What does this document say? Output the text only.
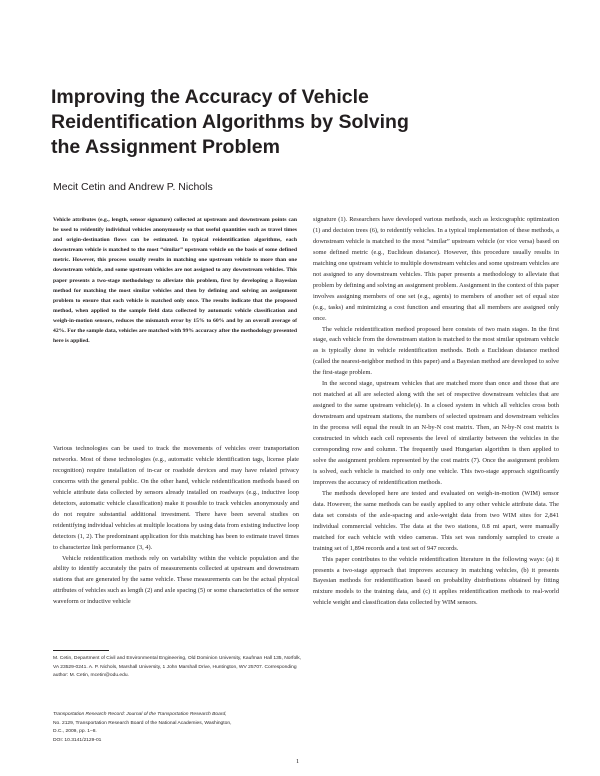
Improving the Accuracy of Vehicle
Reidentification Algorithms by Solving
the Assignment Problem
Mecit Cetin and Andrew P. Nichols

Vehicle attributes (e.g., length, sensor signature) collected at upstream and downstream points can be used to reidentify individual vehicles anonymously so that useful quantities such as travel times and origin-destination flows can be estimated. In typical reidentification algorithms, each downstream vehicle is matched to the most “similar” upstream vehicle on the basis of some defined metric. However, this process usually results in matching one upstream vehicle to more than one downstream vehicle, and some upstream vehicles are not assigned to any downstream vehicles. This paper presents a two-stage methodology to alleviate this problem, first by developing a Bayesian method for matching the most similar vehicles and then by defining and solving an assignment problem to ensure that each vehicle is matched only once. The results indicate that the proposed method, when applied to the sample field data collected by automatic vehicle classification and weigh-in-motion sensors, reduces the mismatch error by 15% to 60% and by an overall average of 42%. For the sample data, vehicles are matched with 99% accuracy after the methodology presented here is applied.

Various technologies can be used to track the movements of vehicles over transportation networks. Most of these technologies (e.g., automatic vehicle identification tags, license plate recognition) require installation of in-car or roadside devices and may have related privacy concerns with the general public. On the other hand, vehicle reidentification methods based on vehicle attribute data collected by sensors already installed on roadways (e.g., inductive loop detectors, automatic vehicle classification) make it possible to track vehicles anonymously and do not require substantial additional investment. There have been several studies on reidentifying individual vehicles at multiple locations by using data from existing inductive loop detectors (1, 2). The predominant application for this matching has been to estimate travel times to characterize link performance (3, 4).

Vehicle reidentification methods rely on variability within the vehicle population and the ability to identify accurately the pairs of measurements collected at upstream and downstream stations that are generated by the same vehicle. These measurements can be the actual physical attributes of vehicles such as length (2) and axle spacing (5) or some characteristics of the sensor waveform or inductive vehicle

signature (1). Researchers have developed various methods, such as lexicographic optimization (1) and decision trees (6), to reidentify vehicles. In a typical implementation of these methods, a downstream vehicle is matched to the most “similar” upstream vehicle (or vice versa) based on some defined metric (e.g., Euclidean distance). However, this procedure usually results in matching one upstream vehicle to multiple downstream vehicles and some upstream vehicles are not assigned to any downstream vehicles. This paper presents a methodology to alleviate that problem by defining and solving an assignment problem. Assignment in the context of this paper involves assigning members of one set (e.g., agents) to members of another set of equal size (e.g., tasks) and minimizing a cost function and ensuring that all members are assigned only once.

The vehicle reidentification method proposed here consists of two main stages. In the first stage, each vehicle from the downstream station is matched to the most similar upstream vehicle as is typically done in vehicle reidentification methods. Both a Euclidean distance method (called the nearest-neighbor method in this paper) and a Bayesian method are developed to solve the first-stage problem.

In the second stage, upstream vehicles that are matched more than once and those that are not matched at all are selected along with the set of respective downstream vehicles that are assigned to the same upstream vehicle(s). In a closed system in which all vehicles cross both downstream and upstream stations, the numbers of selected upstream and downstream vehicles in the process will equal the result in an N-by-N cost matrix. Then, an N-by-N cost matrix is constructed in which each cell represents the level of similarity between the vehicles in the corresponding row and column. The frequently used Hungarian algorithm is then applied to solve the assignment problem represented by the cost matrix (7). Once the assignment problem is solved, each vehicle is matched to only one vehicle. This two-stage approach significantly improves the accuracy of reidentification methods.

The methods developed here are tested and evaluated on weigh-in-motion (WIM) sensor data. However, the same methods can be easily applied to any other vehicle attribute data. The data set consists of the axle-spacing and axle-weight data from two WIM sites for 2,841 individual commercial vehicles. The data at the two stations, 0.8 mi apart, were manually matched for each vehicle with video cameras. This set was randomly sampled to create a training set of 1,894 records and a test set of 947 records.

This paper contributes to the vehicle reidentification literature in the following ways: (a) it presents a two-stage approach that improves accuracy in matching vehicles, (b) it presents Bayesian methods for reidentification based on probability distributions obtained by fitting mixture models to the training data, and (c) it applies reidentification methods to real-world vehicle weight and classification data collected by WIM sensors.

M. Cetin, Department of Civil and Environmental Engineering, Old Dominion University, Kaufman Hall 135, Norfolk, VA 23529-0241. A. P. Nichols, Marshall University, 1 John Marshall Drive, Huntington, WV 25707. Corresponding author: M. Cetin, mcetin@odu.edu.

Transportation Research Record: Journal of the Transportation Research Board,
No. 2129, Transportation Research Board of the National Academies, Washington,
D.C., 2009, pp. 1–8.
DOI: 10.3141/2129-01
1
